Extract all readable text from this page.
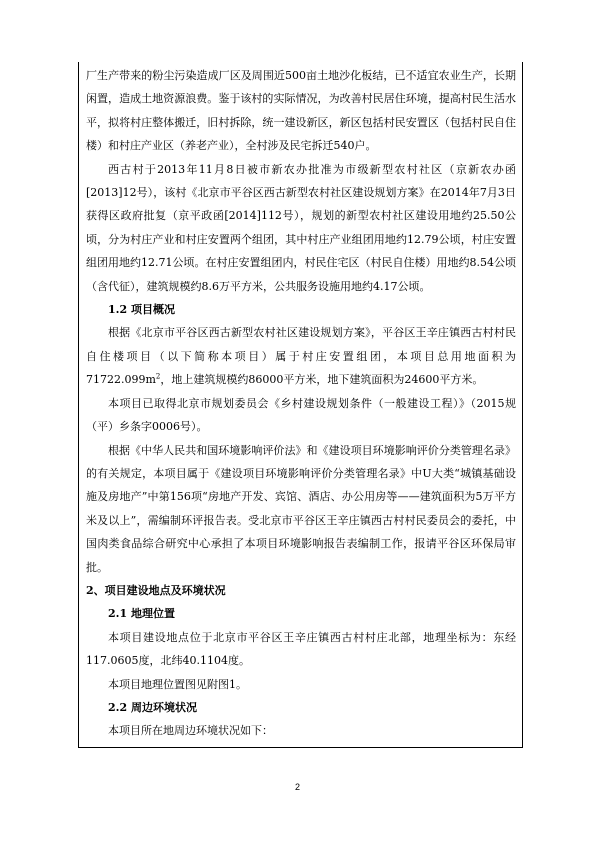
厂生产带来的粉尘污染造成厂区及周围近500亩土地沙化板结，已不适宜农业生产，长期闲置，造成土地资源浪费。鉴于该村的实际情况，为改善村民居住环境，提高村民生活水平，拟将村庄整体搬迁，旧村拆除，统一建设新区，新区包括村民安置区（包括村民自住楼）和村庄产业区（养老产业），全村涉及民宅拆迁540户。

西古村于2013年11月8日被市新农办批准为市级新型农村社区（京新农办函[2013]12号），该村《北京市平谷区西古新型农村社区建设规划方案》在2014年7月3日获得区政府批复（京平政函[2014]112号），规划的新型农村社区建设用地约25.50公顷，分为村庄产业和村庄安置两个组团，其中村庄产业组团用地约12.79公顷，村庄安置组团用地约12.71公顷。在村庄安置组团内，村民住宅区（村民自住楼）用地约8.54公顷（含代征），建筑规模约8.6万平方米，公共服务设施用地约4.17公顷。

1.2 项目概况

根据《北京市平谷区西古新型农村社区建设规划方案》，平谷区王辛庄镇西古村村民自住楼项目（以下简称本项目）属于村庄安置组团，本项目总用地面积为$71722.099m^2$，地上建筑规模约86000平方米，地下建筑面积为24600平方米。

本项目已取得北京市规划委员会《乡村建设规划条件（一般建设工程）》（2015规（平）乡条字0006号）。

根据《中华人民共和国环境影响评价法》和《建设项目环境影响评价分类管理名录》的有关规定，本项目属于《建设项目环境影响评价分类管理名录》中U大类“城镇基础设施及房地产”中第156项“房地产开发、宾馆、酒店、办公用房等——建筑面积为5万平方米及以上”，需编制环评报告表。受北京市平谷区王辛庄镇西古村村民委员会的委托，中国肉类食品综合研究中心承担了本项目环境影响报告表编制工作，报请平谷区环保局审批。

2、项目建设地点及环境状况

2.1 地理位置

本项目建设地点位于北京市平谷区王辛庄镇西古村村庄北部，地理坐标为：东经117.0605度，北纬40.1104度。

本项目地理位置图见附图1。

2.2 周边环境状况

本项目所在地周边环境状况如下：

2
